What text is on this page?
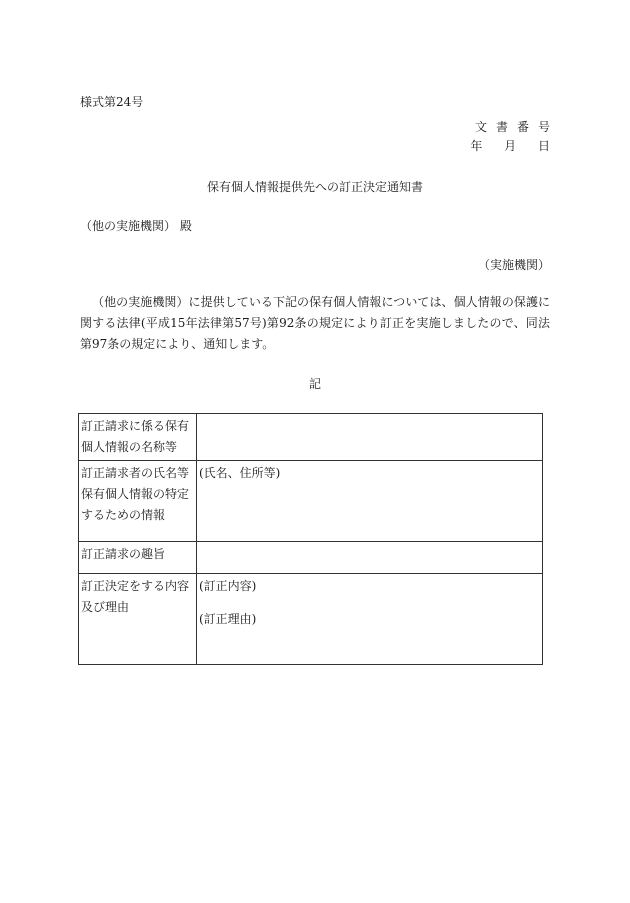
様式第24号
文書番号
年 月 日
保有個人情報提供先への訂正決定通知書
（他の実施機関） 殿
（実施機関）
（他の実施機関）に提供している下記の保有個人情報については、個人情報の保護に関する法律(平成15年法律第57号)第92条の規定により訂正を実施しましたので、同法第97条の規定により、通知します。
記
訂正請求に係る保有個人情報の名称等	
訂正請求者の氏名等保有個人情報の特定するための情報	(氏名、住所等)
訂正請求の趣旨	
訂正決定をする内容及び理由	(訂正内容)
(訂正理由)
